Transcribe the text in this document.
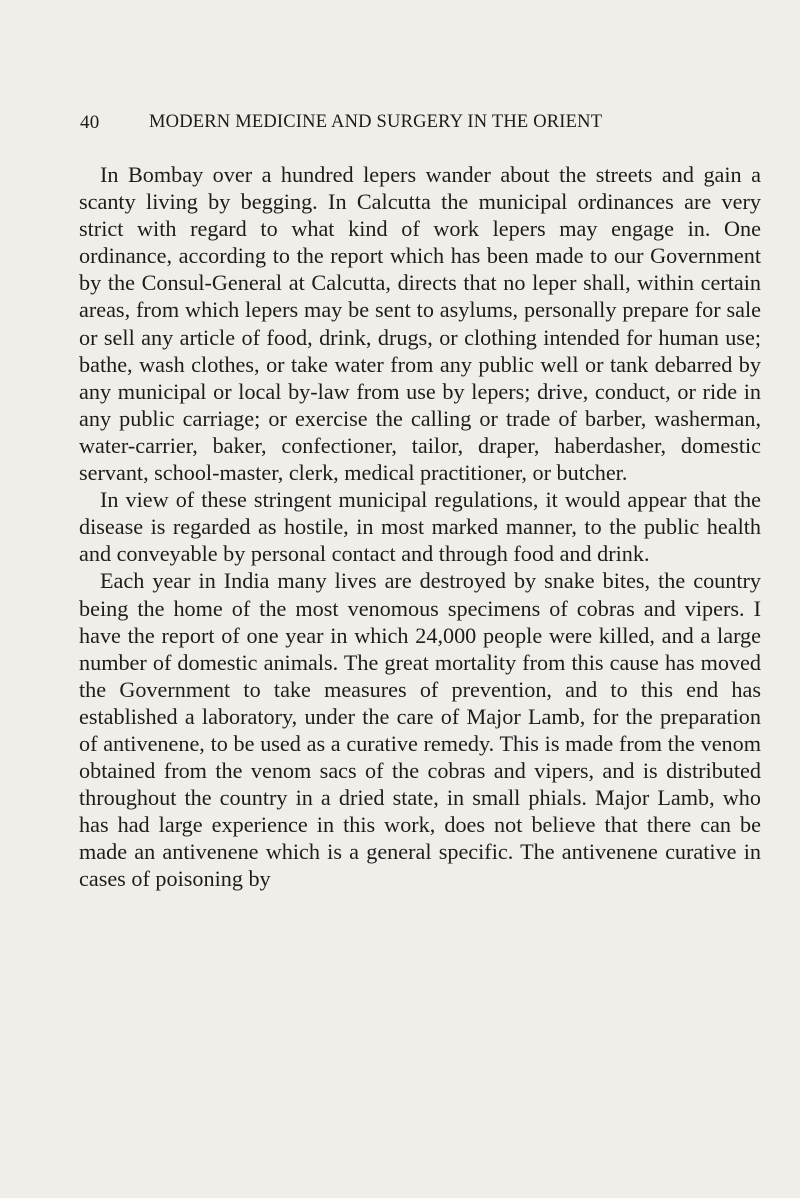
40	MODERN MEDICINE AND SURGERY IN THE ORIENT

In Bombay over a hundred lepers wander about the streets and gain a scanty living by begging. In Calcutta the municipal ordinances are very strict with regard to what kind of work lepers may engage in. One ordinance, according to the report which has been made to our Government by the Consul-General at Calcutta, directs that no leper shall, within certain areas, from which lepers may be sent to asylums, personally prepare for sale or sell any article of food, drink, drugs, or clothing intended for human use; bathe, wash clothes, or take water from any public well or tank debarred by any municipal or local by-law from use by lepers; drive, conduct, or ride in any public carriage; or exercise the calling or trade of barber, washerman, water-carrier, baker, confectioner, tailor, draper, haberdasher, domestic servant, school-master, clerk, medical practitioner, or butcher.

In view of these stringent municipal regulations, it would appear that the disease is regarded as hostile, in most marked manner, to the public health and conveyable by personal contact and through food and drink.

Each year in India many lives are destroyed by snake bites, the country being the home of the most venomous specimens of cobras and vipers. I have the report of one year in which 24,000 people were killed, and a large number of domestic animals. The great mortality from this cause has moved the Government to take measures of prevention, and to this end has established a laboratory, under the care of Major Lamb, for the preparation of antivenene, to be used as a curative remedy. This is made from the venom obtained from the venom sacs of the cobras and vipers, and is distributed throughout the country in a dried state, in small phials. Major Lamb, who has had large experience in this work, does not believe that there can be made an antivenene which is a general specific. The antivenene curative in cases of poisoning by
